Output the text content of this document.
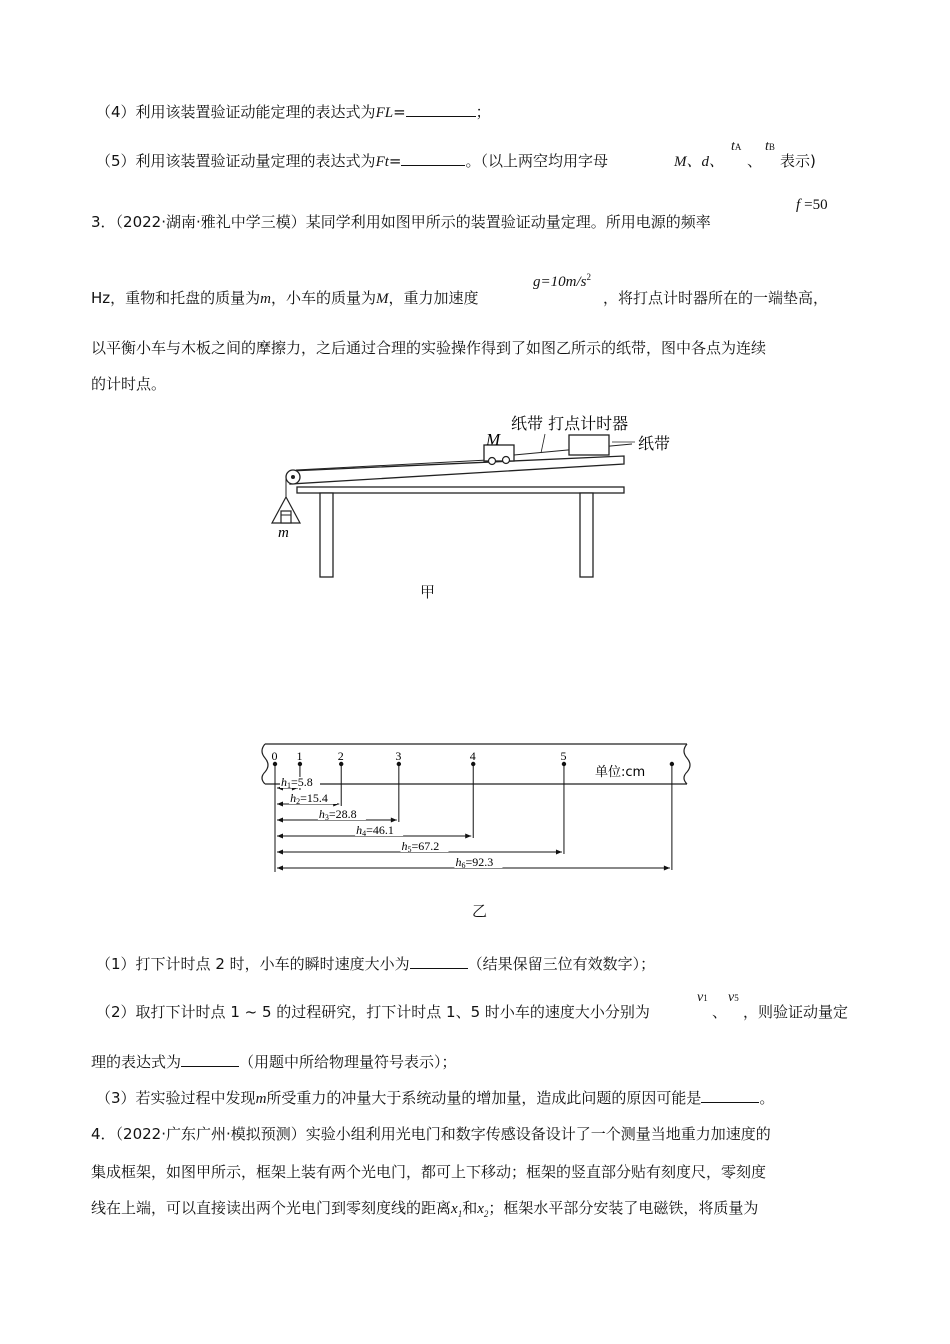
（4）利用该装置验证动能定理的表达式为FL=	；
（5）利用该装置验证动量定理的表达式为Ft=	。（以上两空均用字母	M、d、
tA
、
tB
表示)
3．（2022·湖南·雅礼中学三模）某同学利用如图甲所示的装置验证动量定理。所用电源的频率
f =50
Hz，重物和托盘的质量为m，小车的质量为M，重力加速度
$g=10m/s^2$
，将打点计时器所在的一端垫高，
以平衡小车与木板之间的摩擦力，之后通过合理的实验操作得到了如图乙所示的纸带，图中各点为连续
的计时点。
纸带 打点计时器
纸带
M
m
甲
0 1	2	3	4	5
h1=5.8
h2=15.4
h3=28.8
h4=46.1
h5=67.2
h6=92.3
单位:cm
乙
（1）打下计时点 2 时，小车的瞬时速度大小为	（结果保留三位有效数字）；
（2）取打下计时点 1 ~ 5 的过程研究，打下计时点 1、5 时小车的速度大小分别为
v1
、
v5
，则验证动量定
理的表达式为	（用题中所给物理量符号表示）；
（3）若实验过程中发现m所受重力的冲量大于系统动量的增加量，造成此问题的原因可能是	。
4．（2022·广东广州·模拟预测）实验小组利用光电门和数字传感设备设计了一个测量当地重力加速度的
集成框架，如图甲所示，框架上装有两个光电门，都可上下移动；框架的竖直部分贴有刻度尺，零刻度
线在上端，可以直接读出两个光电门到零刻度线的距离$x_1$和$x_2$；框架水平部分安装了电磁铁，将质量为
